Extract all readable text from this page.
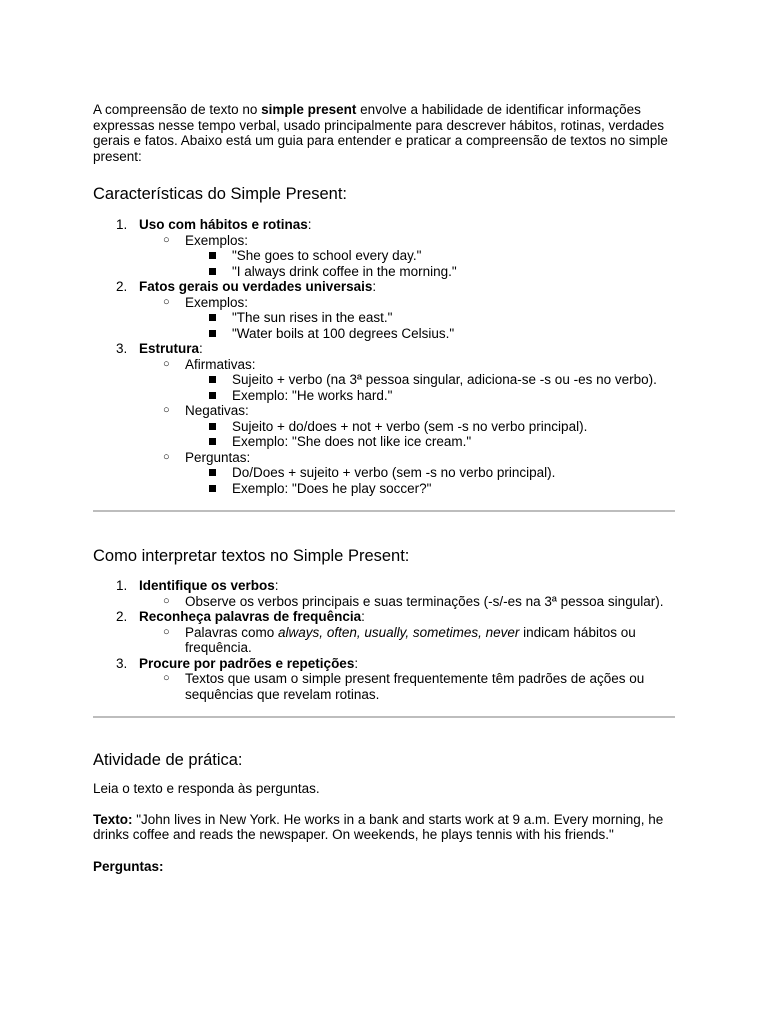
A compreensão de texto no simple present envolve a habilidade de identificar informações expressas nesse tempo verbal, usado principalmente para descrever hábitos, rotinas, verdades gerais e fatos. Abaixo está um guia para entender e praticar a compreensão de textos no simple present:

Características do Simple Present:
1. Uso com hábitos e rotinas:
○ Exemplos:
"She goes to school every day."
"I always drink coffee in the morning."
2. Fatos gerais ou verdades universais:
○ Exemplos:
"The sun rises in the east."
"Water boils at 100 degrees Celsius."
3. Estrutura:
○ Afirmativas:
Sujeito + verbo (na 3ª pessoa singular, adiciona-se -s ou -es no verbo).
Exemplo: "He works hard."
○ Negativas:
Sujeito + do/does + not + verbo (sem -s no verbo principal).
Exemplo: "She does not like ice cream."
○ Perguntas:
Do/Does + sujeito + verbo (sem -s no verbo principal).
Exemplo: "Does he play soccer?"
Como interpretar textos no Simple Present:
1. Identifique os verbos:
○ Observe os verbos principais e suas terminações (-s/-es na 3ª pessoa singular).
2. Reconheça palavras de frequência:
○ Palavras como always, often, usually, sometimes, never indicam hábitos ou frequência.
3. Procure por padrões e repetições:
○ Textos que usam o simple present frequentemente têm padrões de ações ou sequências que revelam rotinas.
Atividade de prática:

Leia o texto e responda às perguntas.

Texto: "John lives in New York. He works in a bank and starts work at 9 a.m. Every morning, he drinks coffee and reads the newspaper. On weekends, he plays tennis with his friends."

Perguntas:
